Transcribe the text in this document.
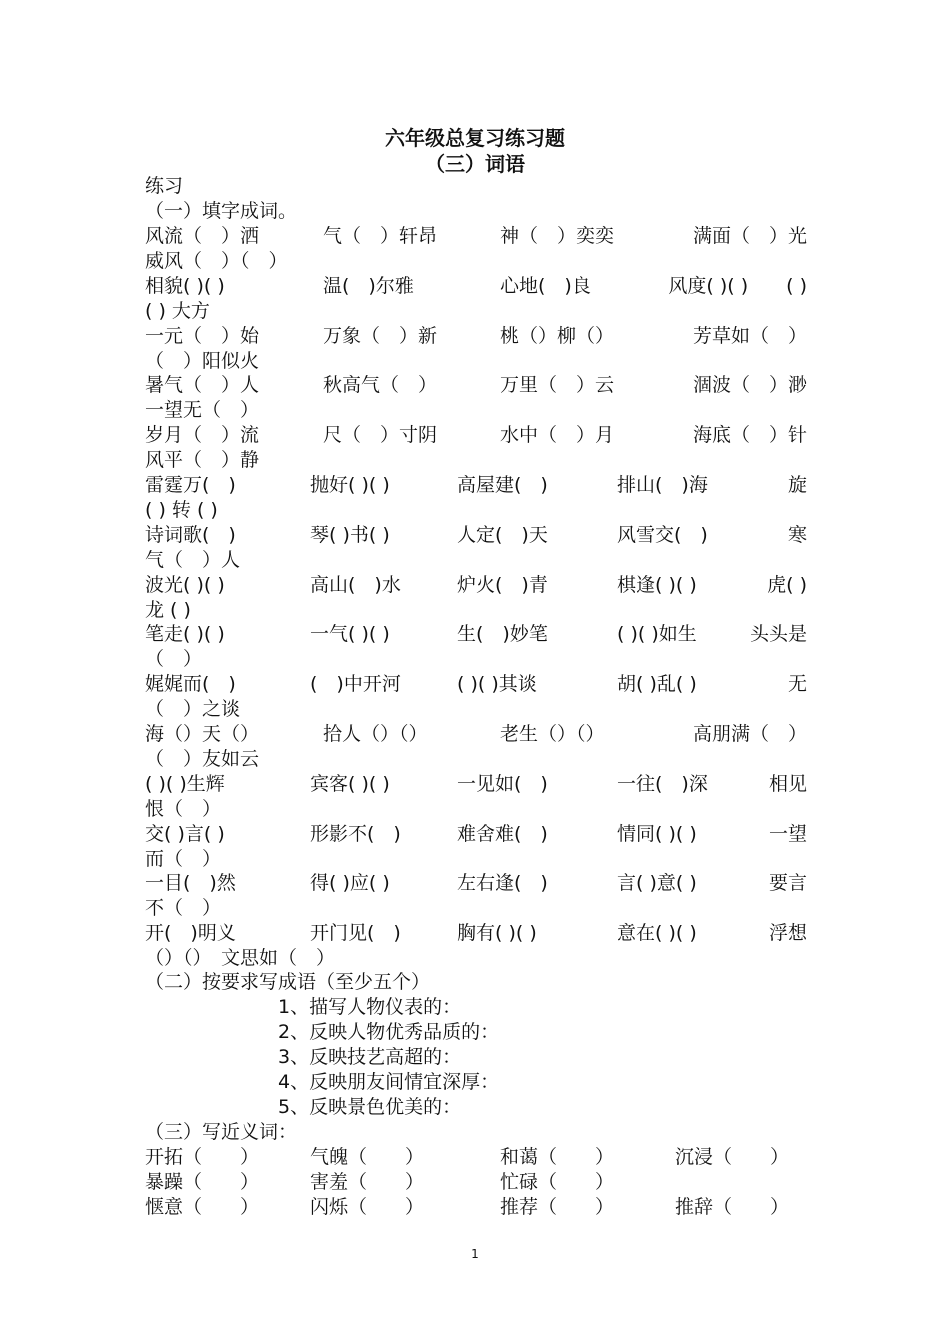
六年级总复习练习题
（三）词语
练习
（一）填字成词。
风流（　）洒	气（　）轩昂	神（　）奕奕	满面（　）光
威风（　）（　）
相貌( )( )	温(　)尔雅	心地(　)良	风度( )( )　　( )
( ) 大方
一元（　）始	万象（　）新	桃（）柳（）	芳草如（　）
（　）阳似火
暑气（　）人	秋高气（　）	万里（　）云	涸波（　）渺
一望无（　）
岁月（　）流	尺（　）寸阴	水中（　）月	海底（　）针
风平（　）静
雷霆万(　)	抛好( )( )	高屋建(　)	排山(　)海	旋
( ) 转 ( )
诗词歌(　)	琴( )书( )	人定(　)天	风雪交(　)	寒
气（　）人
波光( )( )	高山(　)水	炉火(　)青	棋逢( )( )	虎( )
龙 ( )
笔走( )( )	一气( )( )	生(　)妙笔	( )( )如生	头头是
（　）
娓娓而(　)	(　)中开河	( )( )其谈	胡( )乱( )	无
（　）之谈
海（）天（）	拾人（）（）	老生（）（）	高朋满（　）
（　）友如云
( )( )生辉	宾客( )( )	一见如(　)	一往(　)深	相见
恨（　）
交( )言( )	形影不(　)	难舍难(　)	情同( )( )	一望
而（　）
一目(　)然	得( )应( )	左右逢(　)	言( )意( )	要言
不（　）
开(　)明义	开门见(　)	胸有( )( )	意在( )( )	浮想
（）（）　文思如（　）
（二）按要求写成语（至少五个）
1、描写人物仪表的：
2、反映人物优秀品质的：
3、反映技艺高超的：
4、反映朋友间情宜深厚：
5、反映景色优美的：
（三）写近义词：
开拓（　　）	气魄（　　）	和蔼（　　）	沉浸（　　）
暴躁（　　）	害羞（　　）	忙碌（　　）
惬意（　　）	闪烁（　　）	推荐（　　）	推辞（　　）
1
